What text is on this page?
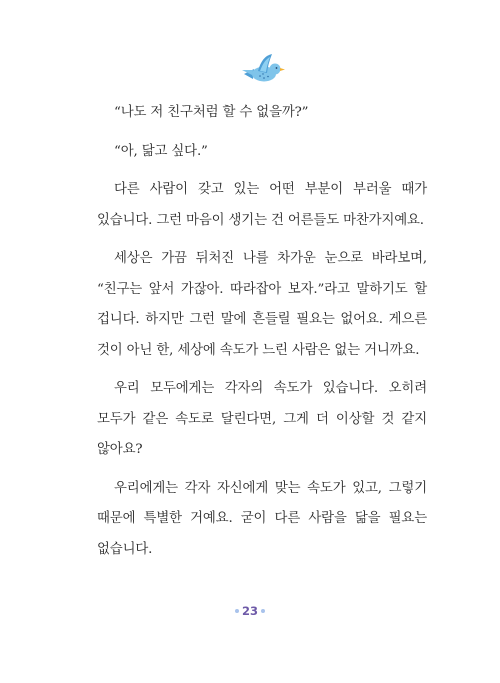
“나도 저 친구처럼 할 수 없을까?”

“아, 닮고 싶다.”

다른 사람이 갖고 있는 어떤 부분이 부러울 때가 있습니다. 그런 마음이 생기는 건 어른들도 마찬가지예요.

세상은 가끔 뒤처진 나를 차가운 눈으로 바라보며, “친구는 앞서 가잖아. 따라잡아 보자.”라고 말하기도 할 겁니다. 하지만 그런 말에 흔들릴 필요는 없어요. 게으른 것이 아닌 한, 세상에 속도가 느린 사람은 없는 거니까요.

우리 모두에게는 각자의 속도가 있습니다. 오히려 모두가 같은 속도로 달린다면, 그게 더 이상할 것 같지 않아요?

우리에게는 각자 자신에게 맞는 속도가 있고, 그렇기 때문에 특별한 거예요. 굳이 다른 사람을 닮을 필요는 없습니다.

23
